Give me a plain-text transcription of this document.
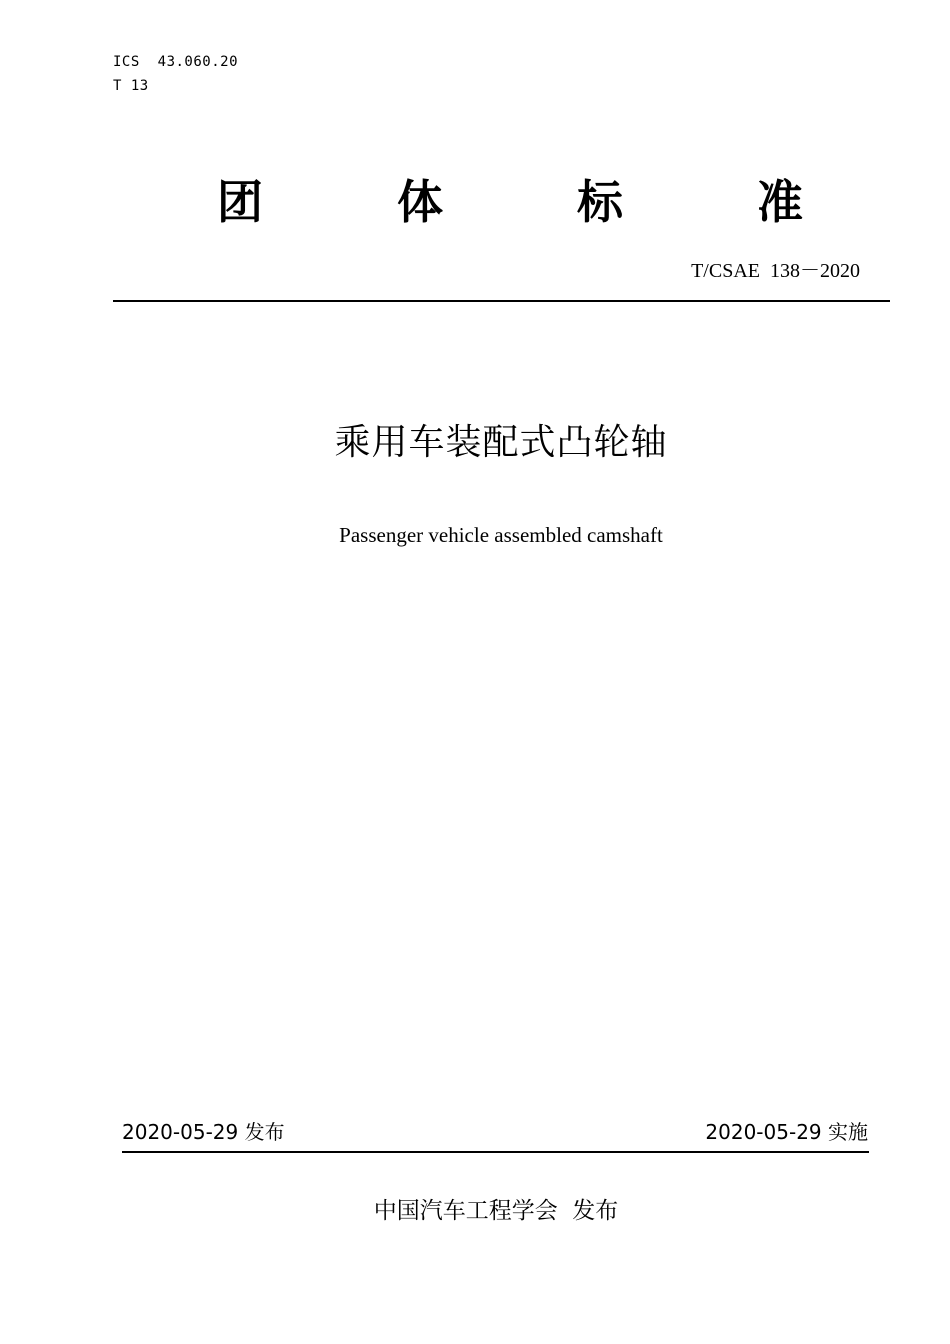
ICS  43.060.20
T 13
团	体	标	准
T/CSAE  138－2020
乘用车装配式凸轮轴
Passenger vehicle assembled camshaft
2020-05-29 发布	2020-05-29 实施
中国汽车工程学会  发布
